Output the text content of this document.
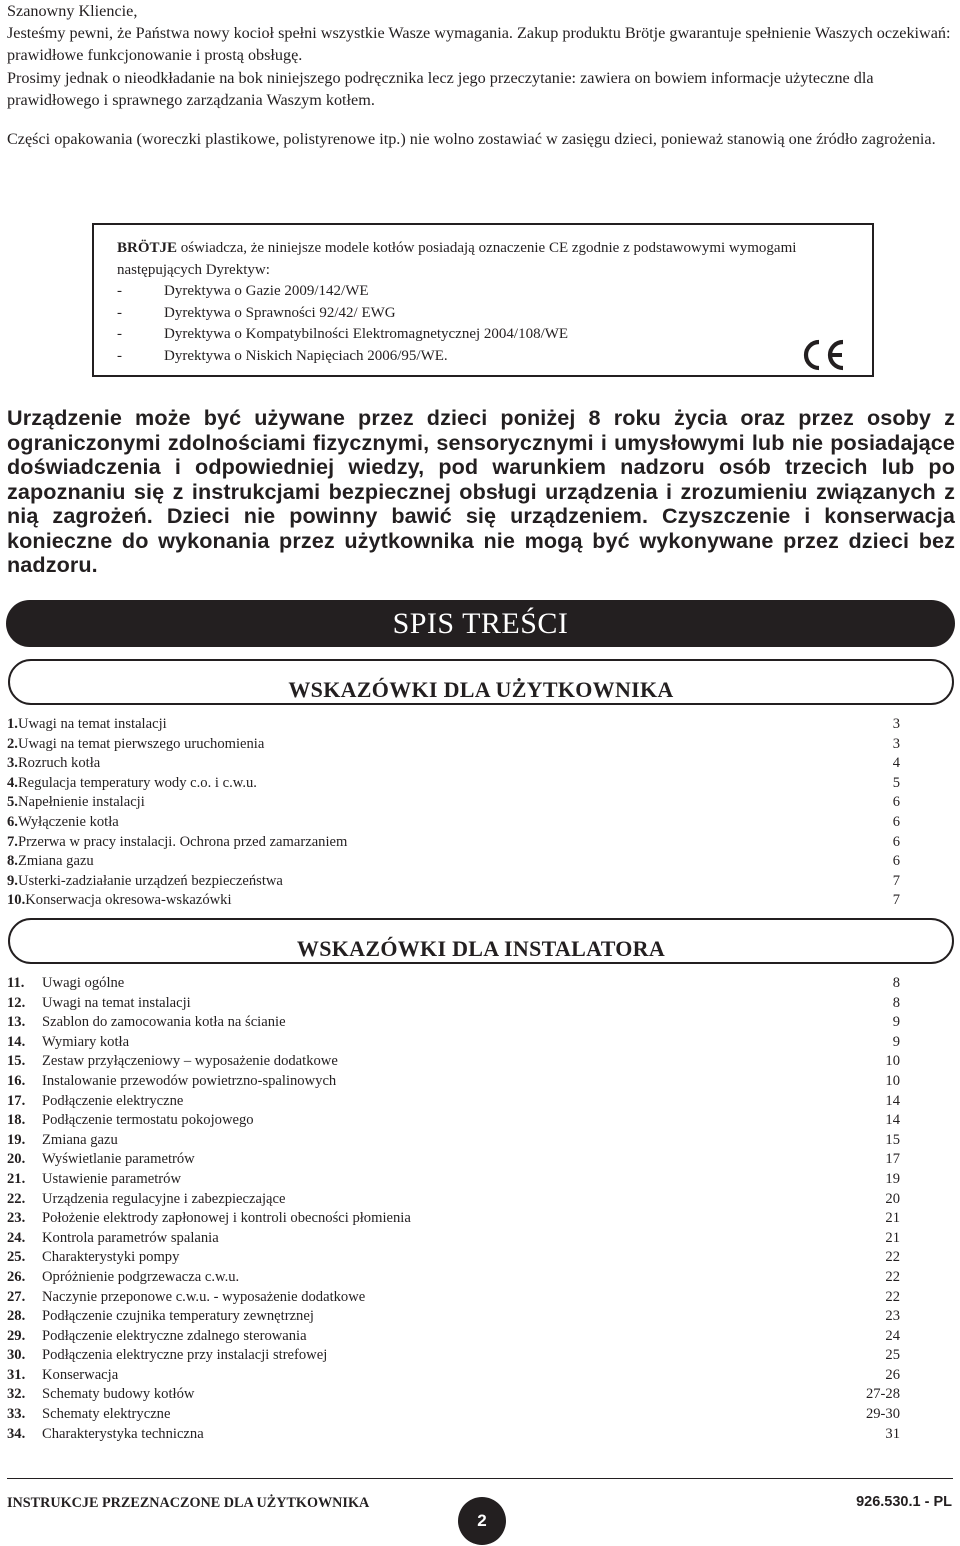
Szanowny Kliencie,

Jesteśmy pewni, że Państwa nowy kocioł spełni wszystkie Wasze wymagania. Zakup produktu Brötje gwarantuje spełnienie Waszych oczekiwań: prawidłowe funkcjonowanie i prostą obsługę.

Prosimy jednak o nieodkładanie na bok niniejszego podręcznika lecz jego przeczytanie: zawiera on bowiem informacje użyteczne dla prawidłowego i sprawnego zarządzania Waszym kotłem.

Części opakowania (woreczki plastikowe, polistyrenowe itp.) nie wolno zostawiać w zasięgu dzieci, ponieważ stanowią one źródło zagrożenia.

BRÖTJE oświadcza, że niniejsze modele kotłów posiadają oznaczenie CE zgodnie z podstawowymi wymogami następujących Dyrektyw:
-	Dyrektywa o Gazie 2009/142/WE
-	Dyrektywa o Sprawności 92/42/ EWG
-	Dyrektywa o Kompatybilności Elektromagnetycznej 2004/108/WE
-	Dyrektywa o Niskich Napięciach 2006/95/WE.
Urządzenie może być używane przez dzieci poniżej 8 roku życia oraz przez osoby z ograniczonymi zdolnościami fizycznymi, sensorycznymi i umysłowymi lub nie posiadające doświadczenia i odpowiedniej wiedzy, pod warunkiem nadzoru osób trzecich lub po zapoznaniu się z instrukcjami bezpiecznej obsługi urządzenia i zrozumieniu związanych z nią zagrożeń. Dzieci nie powinny bawić się urządzeniem. Czyszczenie i konserwacja konieczne do wykonania przez użytkownika nie mogą być wykonywane przez dzieci bez nadzoru.
SPIS TREŚCI
WSKAZÓWKI DLA UŻYTKOWNIKA
1. Uwagi na temat instalacji	3
2. Uwagi na temat pierwszego uruchomienia	3
3. Rozruch kotła	4
4. Regulacja temperatury wody c.o. i c.w.u.	5
5. Napełnienie instalacji	6
6. Wyłączenie kotła	6
7. Przerwa w pracy instalacji. Ochrona przed zamarzaniem	6
8. Zmiana gazu	6
9. Usterki-zadziałanie urządzeń bezpieczeństwa	7
10. Konserwacja okresowa-wskazówki	7
WSKAZÓWKI DLA INSTALATORA
11.	Uwagi ogólne	8
12.	Uwagi na temat instalacji	8
13.	Szablon do zamocowania kotła na ścianie	9
14.	Wymiary kotła	9
15.	Zestaw przyłączeniowy – wyposażenie dodatkowe	10
16.	Instalowanie przewodów powietrzno-spalinowych	10
17.	Podłączenie elektryczne	14
18.	Podłączenie termostatu pokojowego	14
19.	Zmiana gazu	15
20.	Wyświetlanie parametrów	17
21.	Ustawienie parametrów	19
22.	Urządzenia regulacyjne i zabezpieczające	20
23.	Położenie elektrody zapłonowej i kontroli obecności płomienia	21
24.	Kontrola parametrów spalania	21
25.	Charakterystyki pompy	22
26.	Opróżnienie podgrzewacza c.w.u.	22
27.	Naczynie przeponowe c.w.u. - wyposażenie dodatkowe	22
28.	Podłączenie czujnika temperatury zewnętrznej	23
29.	Podłączenie elektryczne zdalnego sterowania	24
30.	Podłączenia elektryczne przy instalacji strefowej	25
31.	Konserwacja	26
32.	Schematy budowy kotłów	27-28
33.	Schematy elektryczne	29-30
34.	Charakterystyka techniczna	31
INSTRUKCJE PRZEZNACZONE DLA UŻYTKOWNIKA
2
926.530.1 - PL
